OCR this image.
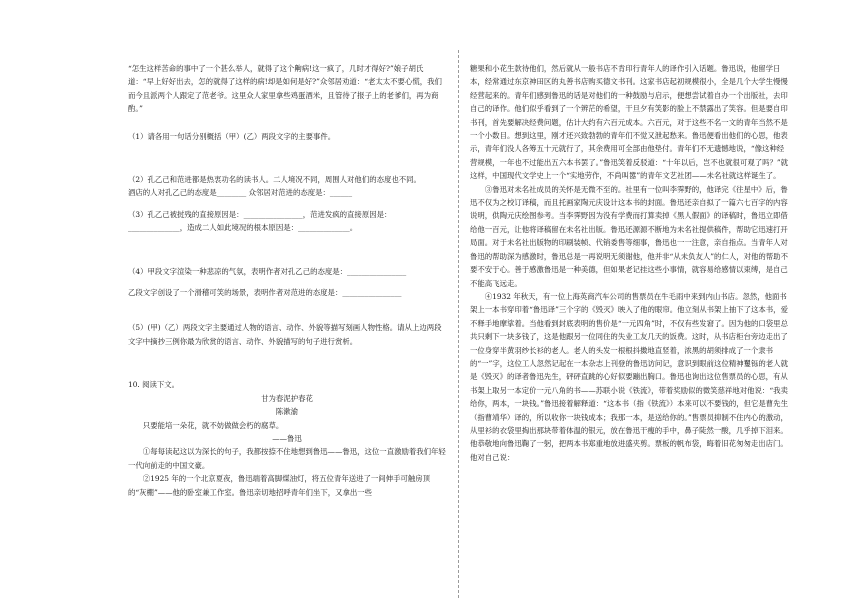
“怎生这样苦命的事中了一个甚么举人，就得了这个齁病!这一疯了，几时才得好?”娘子胡氏道：“早上好好出去，怎的就得了这样的病!却是如何是好?”众邻居劝道：“老太太不要心慌，我们而今且派两个人跟定了范老爷。这里众人家里拿些鸡蛋酒米，且管待了报子上的老爹们，再为商酌。”

（1）请各用一句话分别概括（甲）(乙）两段文字的主要事件。

（2）孔乙己和范进都是热衷功名的读书人。二人境况不同，周围人对他们的态度也不同。

酒店的人对孔乙己的态度是________ 众邻居对范进的态度是：______

（3）孔乙己被挝残的直接原因是：________________，范进发疯的直接原因是：______________，造成二人如此境况的根本原因是：______________。

（4）甲段文字渲染一种悲凉的气氛，表明作者对孔乙己的态度是：________________

乙段文字创设了一个滑稽可笑的场景，表明作者对范进的态度是：________________

（5）(甲)（乙）两段文字主要通过人物的语言、动作、外貌等描写刻画人物性格。请从上边两段文字中摘抄三例你最为欣赏的语言、动作、外貌描写的句子进行赏析。

10. 阅读下文。

甘为春泥护春花

陈漱渝

只要能培一朵花，就不妨做做会朽的腐草。

——鲁迅

①每每读起这以为深长的句子，我都按捺不住地想到鲁迅——鲁迅，这位一直激励着我们年轻一代向前走的中国文豪。

②1925 年的一个北京夏夜，鲁迅端着高脚煤油灯，将五位青年送进了一间伸手可触房顶的“灰棚”——他的卧室兼工作室。鲁迅亲切地招呼青年们坐下，又拿出一些

糖果和小花生款待他们，然后就从一般书店不肯印行青年人的译作引入话题。鲁迅说，他留学日本，经常通过东京神田区的丸善书店购买德文书刊。这家书店起初规模很小，全是几个大学生慢慢经营起来的。青年们感到鲁迅的话是对他们的一种鼓励与启示，便想尝试着自办一个出版社，去印自己的译作。他们似乎看到了一个辨茫的希望，干旦夕有笑影的脸上不禁露出了笑容。但是要自印书刊，首先要解决经费问题，估计大约有六百元成本。六百元，对于这些不名一文的青年当然不是一个小数目。想到这里，刚才还兴致勃勃的青年们不觉又泄起愁来。鲁迅便看出他们的心思，他表示，青年们没人各筹五十元就行了，其余费用可全部由他垫付。青年们不无遗憾地说，“像这种经营规模，一年也不过能出五六本书罢了。”鲁迅笑着反驳道：“十年以后，岂不也就很可观了吗？”就这样，中国现代文学史上一个“实地劳作，不尚叫嚣”的青年文艺社团——未名社就这样诞生了。

③鲁迅对未名社成员的关怀是无微不至的。社里有一位叫李霁野的，他译完《往星中》后，鲁迅不仅为之校订译稿，而且托画家陶元庆设计这本书的封面。鲁迅还亲自拟了一篇六七百字的内容说明，供陶元庆绘图参考。当李霁野因为没有学费而打算卖掉《黑人假面》的译稿时，鲁迅立即借给他一百元，让他将译稿留在未名社出版。鲁迅还源源不断地为未名社提供稿件，帮助它迅速打开局面。对于未名社出版物的印刷装帧、代销委售等细事，鲁迅也一一注意，亲自指点。当青年人对鲁迅的帮助深为感激时，鲁迅总是一再说明无须谢他，他并非“从未负友人”的仁人，对他的帮助不要不安于心。善于感激鲁迅是一种美德，但如果老记挂这些小事情，就容易给感情以束缚，是自己不能高飞远走。

④1932 年秋天，有一位上海英商汽车公司的售票员在牛毛雨中来到内山书店。忽然，他面书架上一本书穿印着“鲁迅译”三个字的《毁灭》映入了他的眼帘。他立刻从书架上抽下了这本书，爱不释手地摩挲着。当他看到封底表明的售价是“一元四角”时，不仅有些发窘了。因为他的口袋里总共只剩下一块多钱了，这是他跟另一位同住的失业工友几天的饭费。这时，从书店柜台旁边走出了一位身穿半黄羽纱长衫的老人。老人的头发一根根抖擞地直竖着，浓黑的胡须排成了一个隶书的“一”字，这位工人忽然记起在一本杂志上刊登的鲁迅访问记，意识到眼前这位精神矍铄的老人就是《毁灭》的译者鲁迅先生，砰砰直跳的心好似要蹦出胸口。鲁迅也询出这位售票员的心思，有从书架上取另一本定价一元八角的书——苏联小说《铁流》，带着奖励似的微笑慈祥地对他说：“我卖给你，两本，一块钱。”鲁迅接着解释道：“这本书（指《铁流》）本来可以不要钱的，但它是曹先生（指曹靖华）译的，所以收你一块钱成本；我那一本，是送给你的。”售票员抑制不住内心的激动，从里衫的衣袋里掏出那块带着体温的银元，放在鲁迅干瘦的手中，鼻子陡然一酸，几乎掉下泪来。他恭敬地向鲁迅鞠了一躬，把两本书郑重地放进盛夹剪。票板的帆布袋，晦着旧花匆匆走出店门。他对自己说：
